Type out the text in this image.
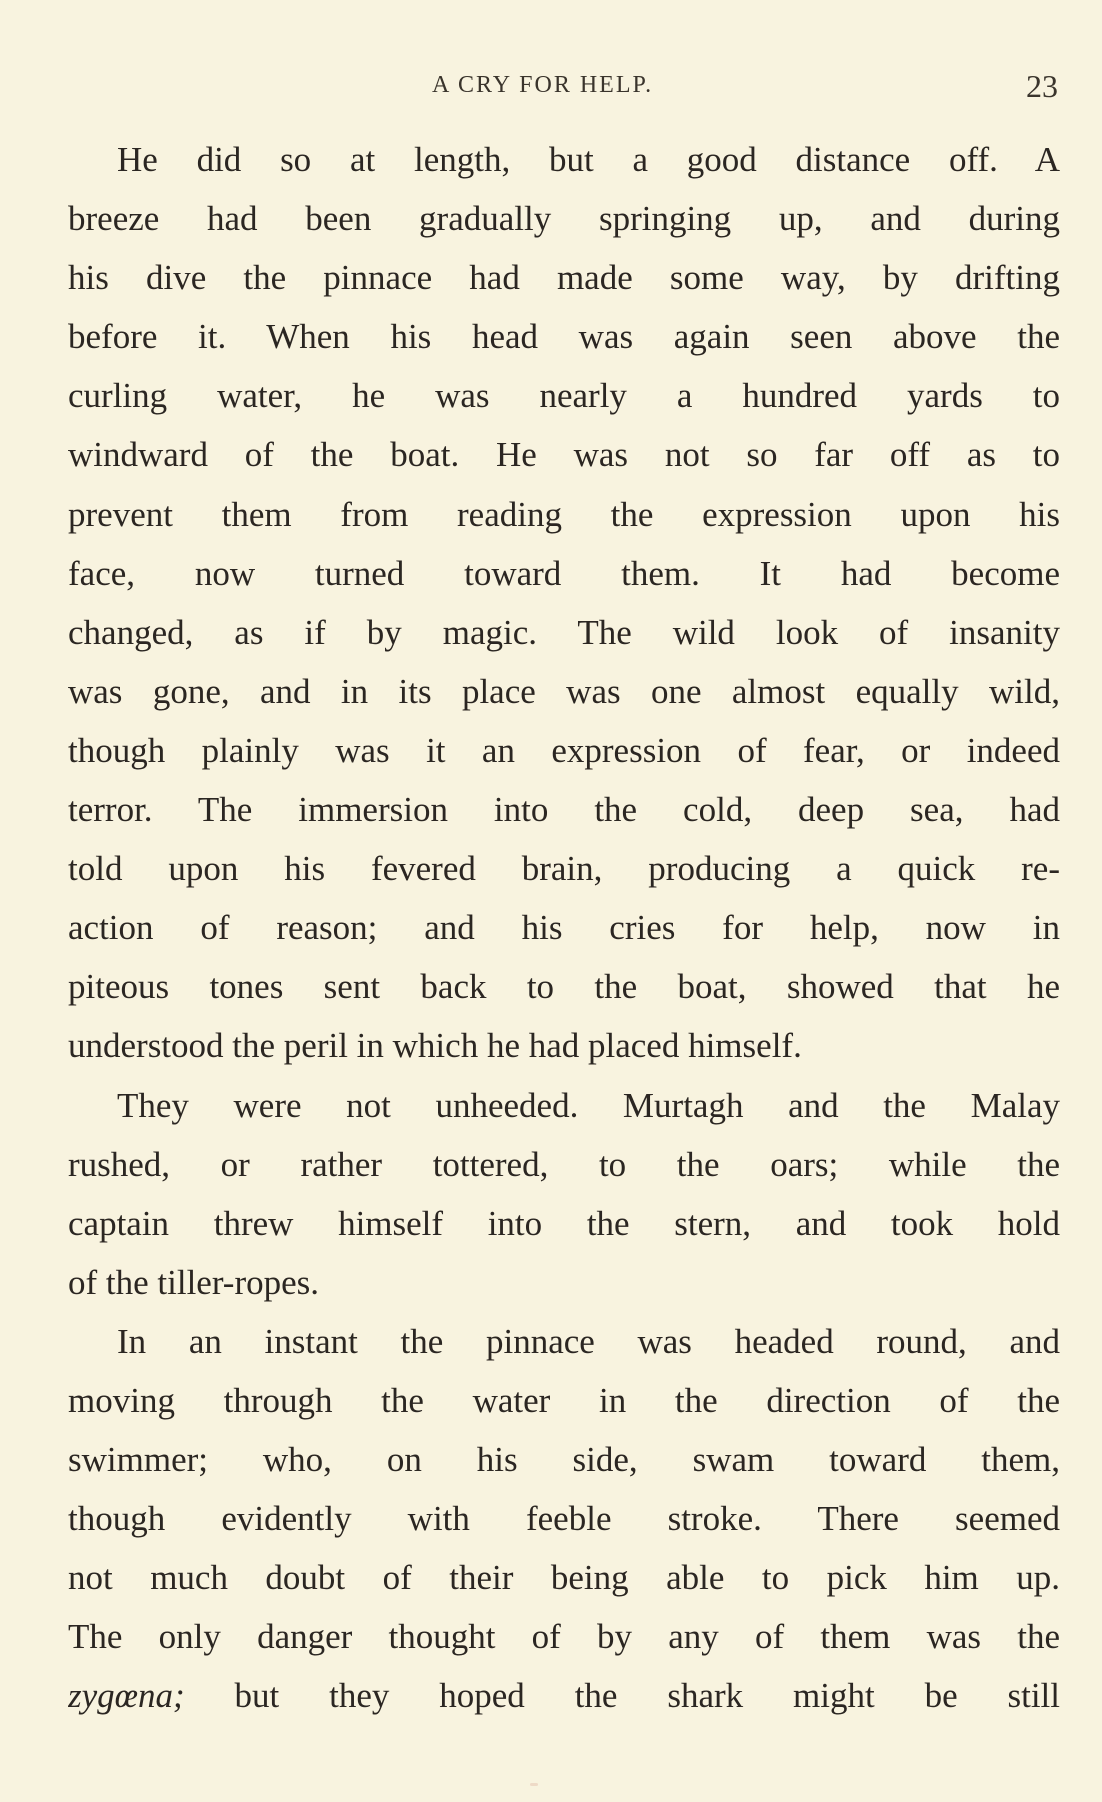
A CRY FOR HELP.	23
He did so at length, but a good distance off. A
breeze had been gradually springing up, and during
his dive the pinnace had made some way, by drifting
before it. When his head was again seen above the
curling water, he was nearly a hundred yards to
windward of the boat. He was not so far off as to
prevent them from reading the expression upon his
face, now turned toward them. It had become
changed, as if by magic. The wild look of insanity
was gone, and in its place was one almost equally wild,
though plainly was it an expression of fear, or indeed
terror. The immersion into the cold, deep sea, had
told upon his fevered brain, producing a quick re-
action of reason; and his cries for help, now in
piteous tones sent back to the boat, showed that he
understood the peril in which he had placed himself.
They were not unheeded. Murtagh and the Malay
rushed, or rather tottered, to the oars; while the
captain threw himself into the stern, and took hold
of the tiller-ropes.
In an instant the pinnace was headed round, and
moving through the water in the direction of the
swimmer; who, on his side, swam toward them,
though evidently with feeble stroke. There seemed
not much doubt of their being able to pick him up.
The only danger thought of by any of them was the
zygœna; but they hoped the shark might be still
